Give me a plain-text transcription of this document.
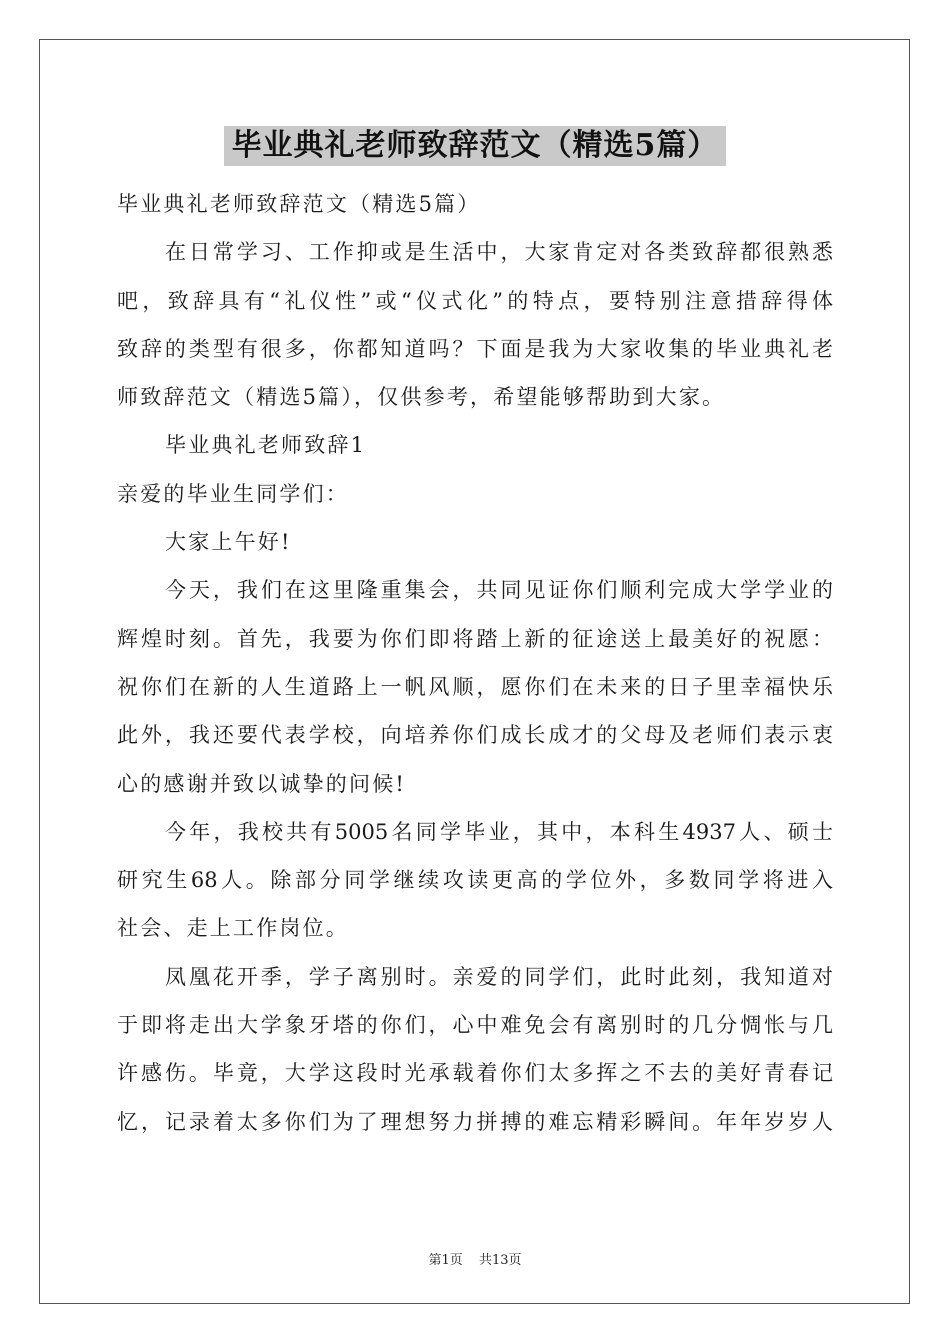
毕业典礼老师致辞范文（精选5篇）
毕业典礼老师致辞范文（精选5篇）
在日常学习、工作抑或是生活中，大家肯定对各类致辞都很熟悉
吧，致辞具有“礼仪性”或“仪式化”的特点，要特别注意措辞得体
致辞的类型有很多，你都知道吗？下面是我为大家收集的毕业典礼老
师致辞范文（精选5篇），仅供参考，希望能够帮助到大家。
毕业典礼老师致辞1
亲爱的毕业生同学们：
大家上午好!
今天，我们在这里隆重集会，共同见证你们顺利完成大学学业的
辉煌时刻。首先，我要为你们即将踏上新的征途送上最美好的祝愿：
祝你们在新的人生道路上一帆风顺，愿你们在未来的日子里幸福快乐
此外，我还要代表学校，向培养你们成长成才的父母及老师们表示衷
心的感谢并致以诚挚的问候!
今年，我校共有5005名同学毕业，其中，本科生4937人、硕士
研究生68人。除部分同学继续攻读更高的学位外，多数同学将进入
社会、走上工作岗位。
凤凰花开季，学子离别时。亲爱的同学们，此时此刻，我知道对
于即将走出大学象牙塔的你们，心中难免会有离别时的几分惆怅与几
许感伤。毕竟，大学这段时光承载着你们太多挥之不去的美好青春记
忆，记录着太多你们为了理想努力拼搏的难忘精彩瞬间。年年岁岁人
第1页 共13页
